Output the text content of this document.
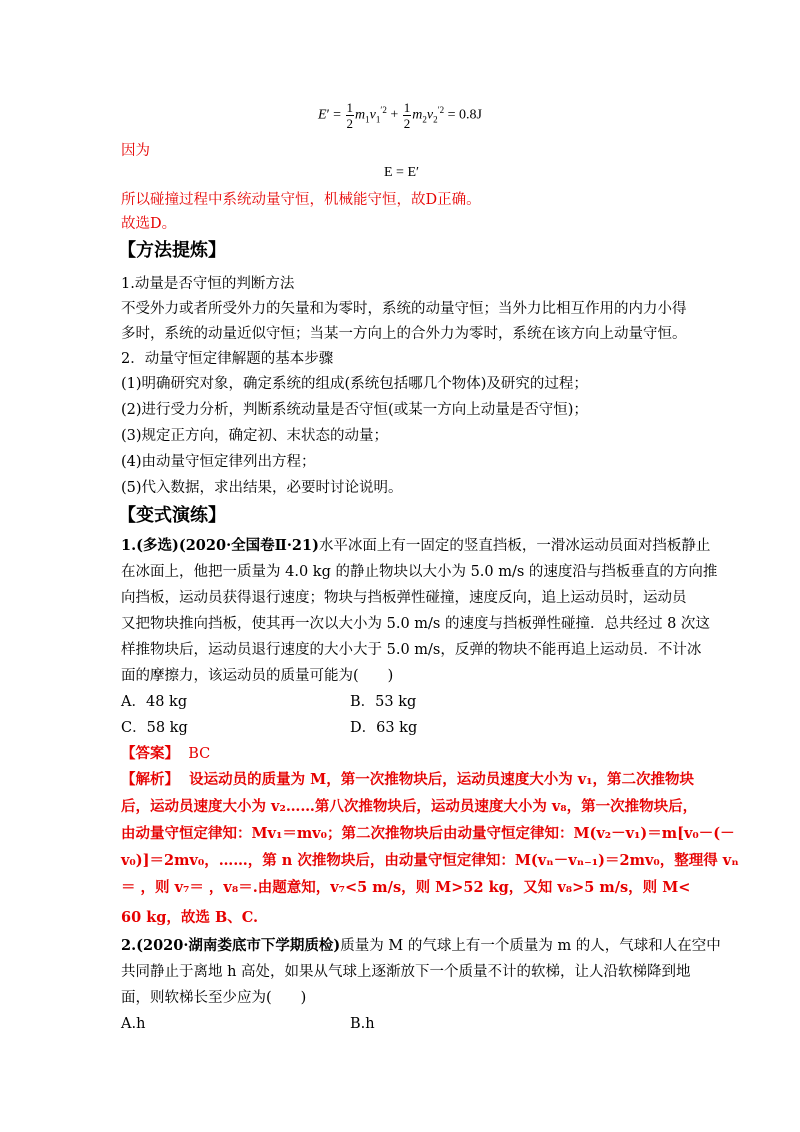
$E' = \frac{1}{2} m_1v_1^{'2} + \frac{1}{2} m_2v_2^{'2} = 0.8J$
因为
E = E′
所以碰撞过程中系统动量守恒，机械能守恒，故D正确。
故选D。
【方法提炼】
1.动量是否守恒的判断方法
不受外力或者所受外力的矢量和为零时，系统的动量守恒；当外力比相互作用的内力小得
多时，系统的动量近似守恒；当某一方向上的合外力为零时，系统在该方向上动量守恒。
2．动量守恒定律解题的基本步骤
(1)明确研究对象，确定系统的组成(系统包括哪几个物体)及研究的过程；
(2)进行受力分析，判断系统动量是否守恒(或某一方向上动量是否守恒)；
(3)规定正方向，确定初、末状态的动量；
(4)由动量守恒定律列出方程；
(5)代入数据，求出结果，必要时讨论说明。
【变式演练】
1.(多选)(2020·全国卷Ⅱ·21)水平冰面上有一固定的竖直挡板，一滑冰运动员面对挡板静止
在冰面上，他把一质量为 4.0 kg 的静止物块以大小为 5.0 m/s 的速度沿与挡板垂直的方向推
向挡板，运动员获得退行速度；物块与挡板弹性碰撞，速度反向，追上运动员时，运动员
又把物块推向挡板，使其再一次以大小为 5.0 m/s 的速度与挡板弹性碰撞．总共经过 8 次这
样推物块后，运动员退行速度的大小大于 5.0 m/s，反弹的物块不能再追上运动员．不计冰
面的摩擦力，该运动员的质量可能为(　　)
A．48 kg	B．53 kg
C．58 kg	D．63 kg
【答案】 BC
【解析】 设运动员的质量为 M，第一次推物块后，运动员速度大小为 v₁，第二次推物块
后，运动员速度大小为 v₂……第八次推物块后，运动员速度大小为 v₈，第一次推物块后，
由动量守恒定律知：Mv₁＝mv₀；第二次推物块后由动量守恒定律知：M(v₂－v₁)＝m[v₀－(－
v₀)]＝2mv₀，……，第 n 次推物块后，由动量守恒定律知：M(vₙ－vₙ₋₁)＝2mv₀，整理得 vₙ
＝ ，则 v₇＝ ，v₈＝.由题意知，v₇<5 m/s，则 M>52 kg，又知 v₈>5 m/s，则 M<
60 kg，故选 B、C.
2.(2020·湖南娄底市下学期质检)质量为 M 的气球上有一个质量为 m 的人，气球和人在空中
共同静止于离地 h 高处，如果从气球上逐渐放下一个质量不计的软梯，让人沿软梯降到地
面，则软梯长至少应为(　　)
A.h	B.h
